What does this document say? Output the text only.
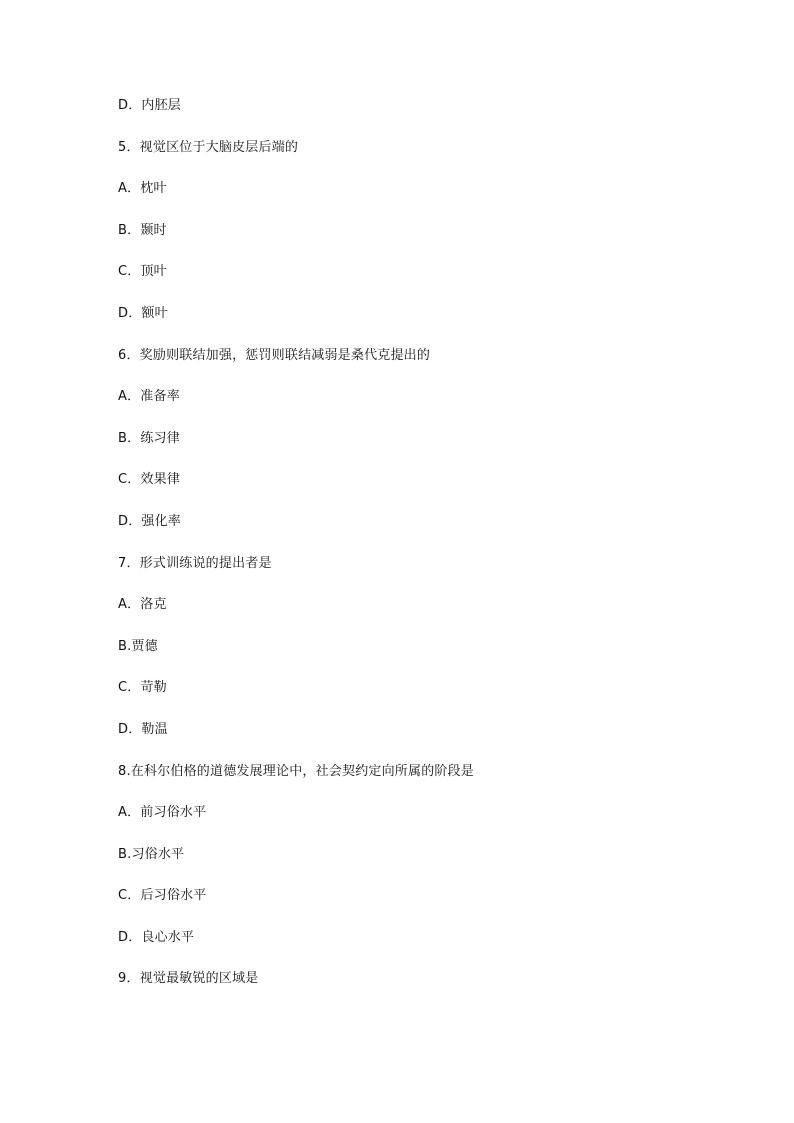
D．内胚层
5．视觉区位于大脑皮层后端的
A．枕叶
B．颞时
C．顶叶
D．额叶
6．奖励则联结加强，惩罚则联结减弱是桑代克提出的
A．准备率
B．练习律
C．效果律
D．强化率
7．形式训练说的提出者是
A．洛克
B.贾德
C．苛勒
D．勒温
8.在科尔伯格的道德发展理论中，社会契约定向所属的阶段是
A．前习俗水平
B.习俗水平
C．后习俗水平
D．良心水平
9．视觉最敏锐的区域是
